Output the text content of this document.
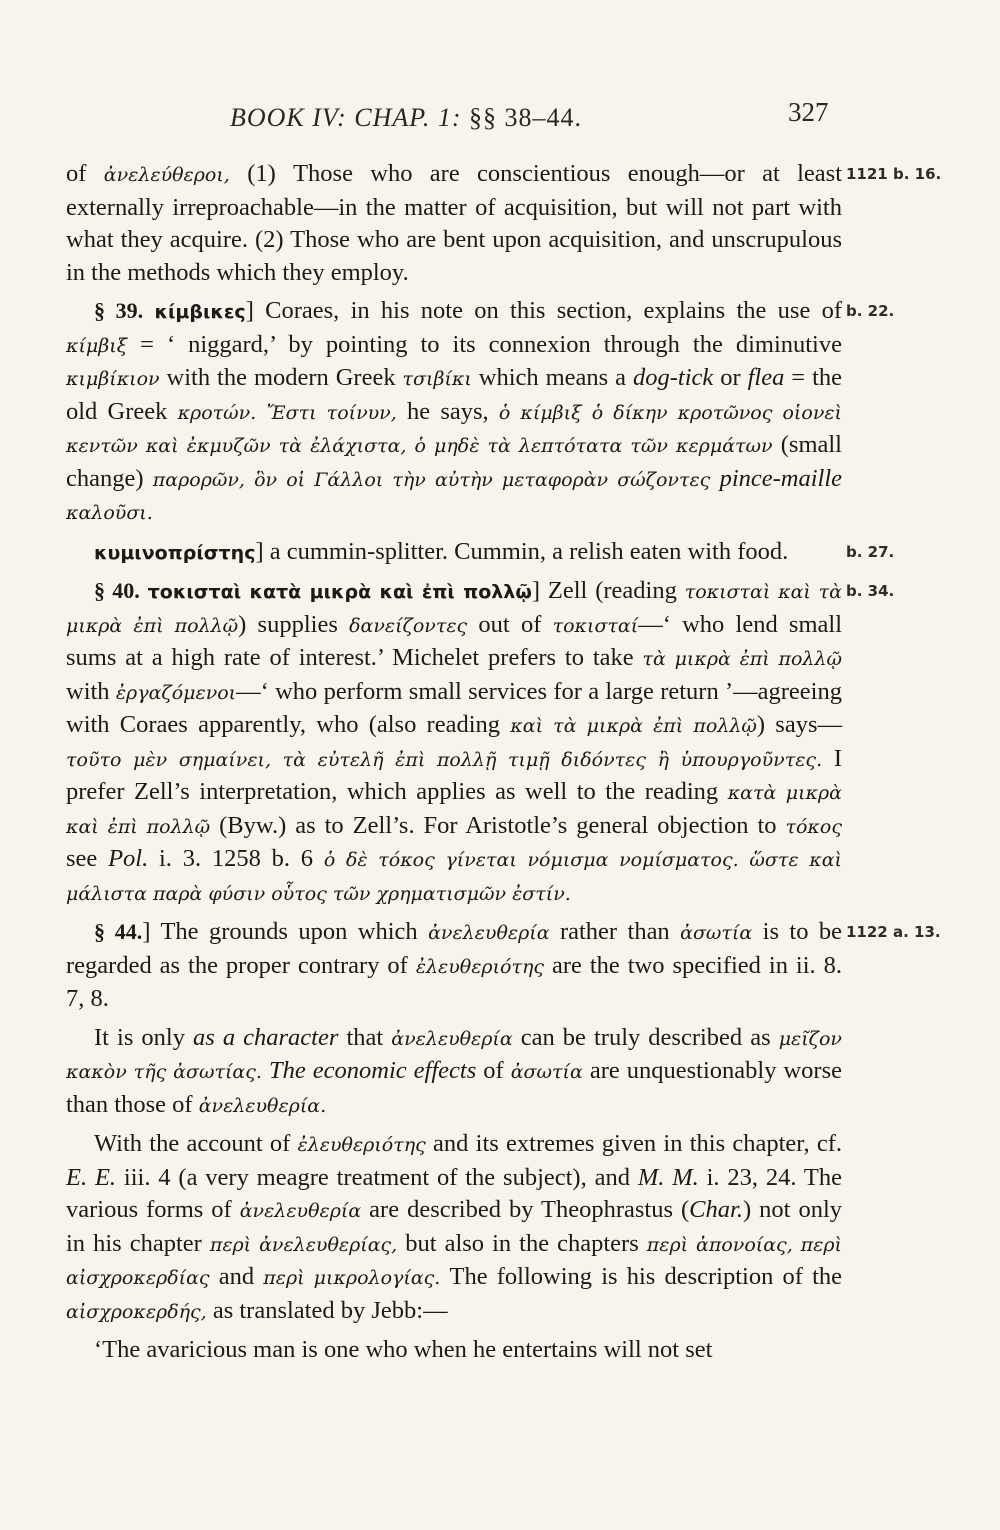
BOOK IV: CHAP. 1: §§ 38–44.	327

1121 b. 16.
of ἀνελεύθεροι, (1) Those who are conscientious enough—or at least externally irreproachable—in the matter of acquisition, but will not part with what they acquire. (2) Those who are bent upon acquisition, and unscrupulous in the methods which they employ.

b. 22.
§ 39. κίμβικες] Coraes, in his note on this section, explains the use of κίμβιξ = ‘ niggard,’ by pointing to its connexion through the diminutive κιμβίκιον with the modern Greek τσιβίκι which means a dog-tick or flea = the old Greek κροτών. Ἔστι τοίνυν, he says, ὁ κίμβιξ ὁ δίκην κροτῶνος οἱονεὶ κεντῶν καὶ ἐκμυζῶν τὰ ἐλάχιστα, ὁ μηδὲ τὰ λεπτότατα τῶν κερμάτων (small change) παρορῶν, ὃν οἱ Γάλλοι τὴν αὐτὴν μεταφορὰν σώζοντες pince-maille καλοῦσι.

b. 27.
κυμινοπρίστης] a cummin-splitter. Cummin, a relish eaten with food.

b. 34.
§ 40. τοκισταὶ κατὰ μικρὰ καὶ ἐπὶ πολλῷ] Zell (reading τοκισταὶ καὶ τὰ μικρὰ ἐπὶ πολλῷ) supplies δανείζοντες out of τοκισταί—‘ who lend small sums at a high rate of interest.’ Michelet prefers to take τὰ μικρὰ ἐπὶ πολλῷ with ἐργαζόμενοι—‘ who perform small services for a large return ’—agreeing with Coraes apparently, who (also reading καὶ τὰ μικρὰ ἐπὶ πολλῷ) says—τοῦτο μὲν σημαίνει, τὰ εὐτελῆ ἐπὶ πολλῇ τιμῇ διδόντες ἢ ὑπουργοῦντες. I prefer Zell’s interpretation, which applies as well to the reading κατὰ μικρὰ καὶ ἐπὶ πολλῷ (Byw.) as to Zell’s. For Aristotle’s general objection to τόκος see Pol. i. 3. 1258 b. 6 ὁ δὲ τόκος γίνεται νόμισμα νομίσματος. ὥστε καὶ μάλιστα παρὰ φύσιν οὗτος τῶν χρηματισμῶν ἐστίν.

1122 a. 13.
§ 44.] The grounds upon which ἀνελευθερία rather than ἀσωτία is to be regarded as the proper contrary of ἐλευθεριότης are the two specified in ii. 8. 7, 8.

It is only as a character that ἀνελευθερία can be truly described as μεῖζον κακὸν τῆς ἀσωτίας. The economic effects of ἀσωτία are unquestionably worse than those of ἀνελευθερία.

With the account of ἐλευθεριότης and its extremes given in this chapter, cf. E. E. iii. 4 (a very meagre treatment of the subject), and M. M. i. 23, 24. The various forms of ἀνελευθερία are described by Theophrastus (Char.) not only in his chapter περὶ ἀνελευθερίας, but also in the chapters περὶ ἀπονοίας, περὶ αἰσχροκερδίας and περὶ μικρολογίας. The following is his description of the αἰσχροκερδής, as translated by Jebb:—

‘The avaricious man is one who when he entertains will not set
